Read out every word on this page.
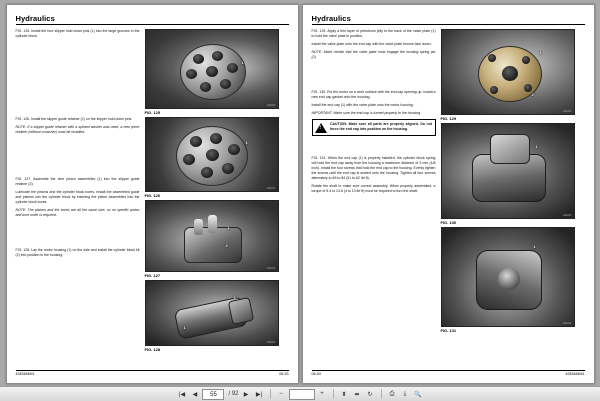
Hydraulics

FIG. 125. Install the four slipper hold down pins (1) into the large grooves in the cylinder block.

FIG. 126. Install the slipper guide retainer (1) on the slipper hold down pins.

NOTE: If a slipper guide retainer with a splined washer was used, a new piece retainer (without a washer) must be installed.

FIG. 127. Assemble the nine piston assemblies (1) into the slipper guide retainer (2).

Lubricate the pistons and the cylinder block bores. Install the assembled guide and pistons into the cylinder block by inserting the piston assemblies into the cylinder block bores.

NOTE: The pistons and the bores are all the same size, so no specific piston and bore order is required.

FIG. 128. Lay the motor housing (1) on the side and install the cylinder block kit (2) into position in the housing.

1
AGCO
FIG. 125
1
AGCO
FIG. 126
1
2
AGCO
FIG. 127
1
2
AGCO
FIG. 128
4283484M1	06-53
Hydraulics

FIG. 129. Apply a thin layer of petroleum jelly to the back of the valve plate (1) to hold the valve plate in position.

Install the valve plate onto the end cap with the valve plate bronze face down.

NOTE: Make certain that the valve plate must engage the locating spring pin (2).

FIG. 130. Put the motor on a work surface with the end cap opening up. Install a new end cap gasket onto the housing.

Install the end cap (1) with the valve plate onto the motor housing.

IMPORTANT: Make sure the end cap is turned properly to the housing.

!

CAUTION: Make sure all parts are properly aligned. Do not force the end cap into position on the housing.

FIG. 131. When the end cap (1) is properly installed, the cylinder block spring will hold the end cap away from the housing a maximum distance of 3 mm (1/8 inch). Install the four screws that hold the end cap to the housing. Evenly tighten the screws until the end cap is seated onto the housing. Tighten all four screws alternately to 69 to 84 (51 to 62 lbf ft).

Rotate the shaft to make sure correct assembly. When properly assembled, a torque of 5.4 to 13.6 (4 to 10 lbf ft) must be required to turn the shaft.

1
2
AGCO
FIG. 129
1
AGCO
FIG. 130
1
AGCO
FIG. 131
06-54	4283484M1
|◀	◀	55	/ 92 ▶	▶|	−	+	⬍	⬌	↻	⎙	⤓	🔍
